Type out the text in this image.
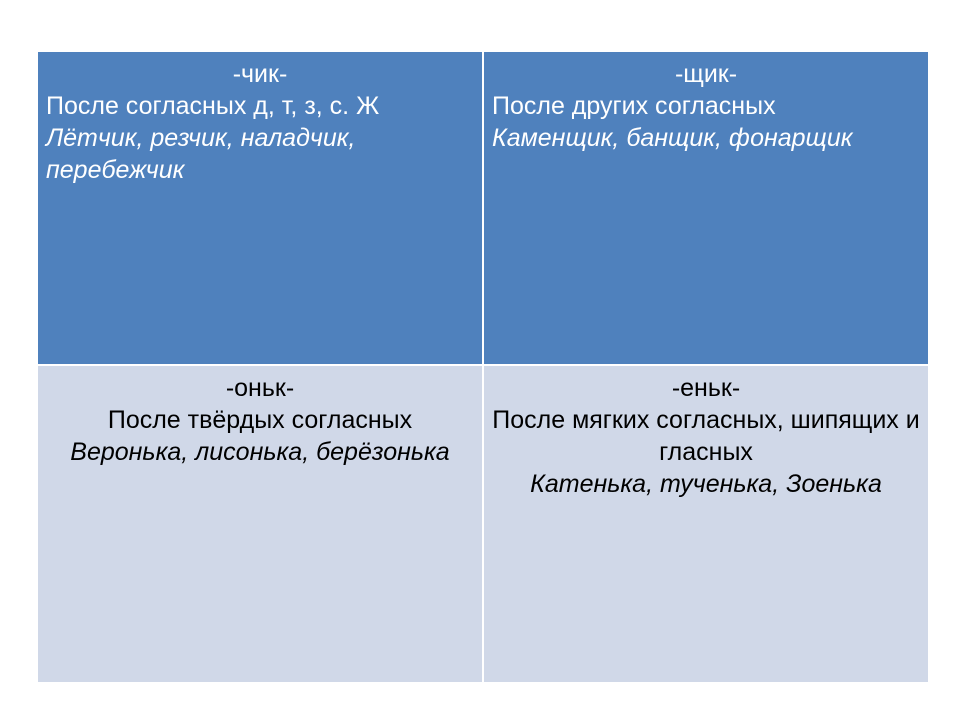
-чик-
После согласных д, т, з, с. Ж
Лётчик, резчик, наладчик, перебежчик
-щик-
После других согласных
Каменщик, банщик, фонарщик
-оньк-
После твёрдых согласных
Веронька, лисонька, берёзонька
-еньк-
После мягких согласных, шипящих и гласных
Катенька, тученька, Зоенька
